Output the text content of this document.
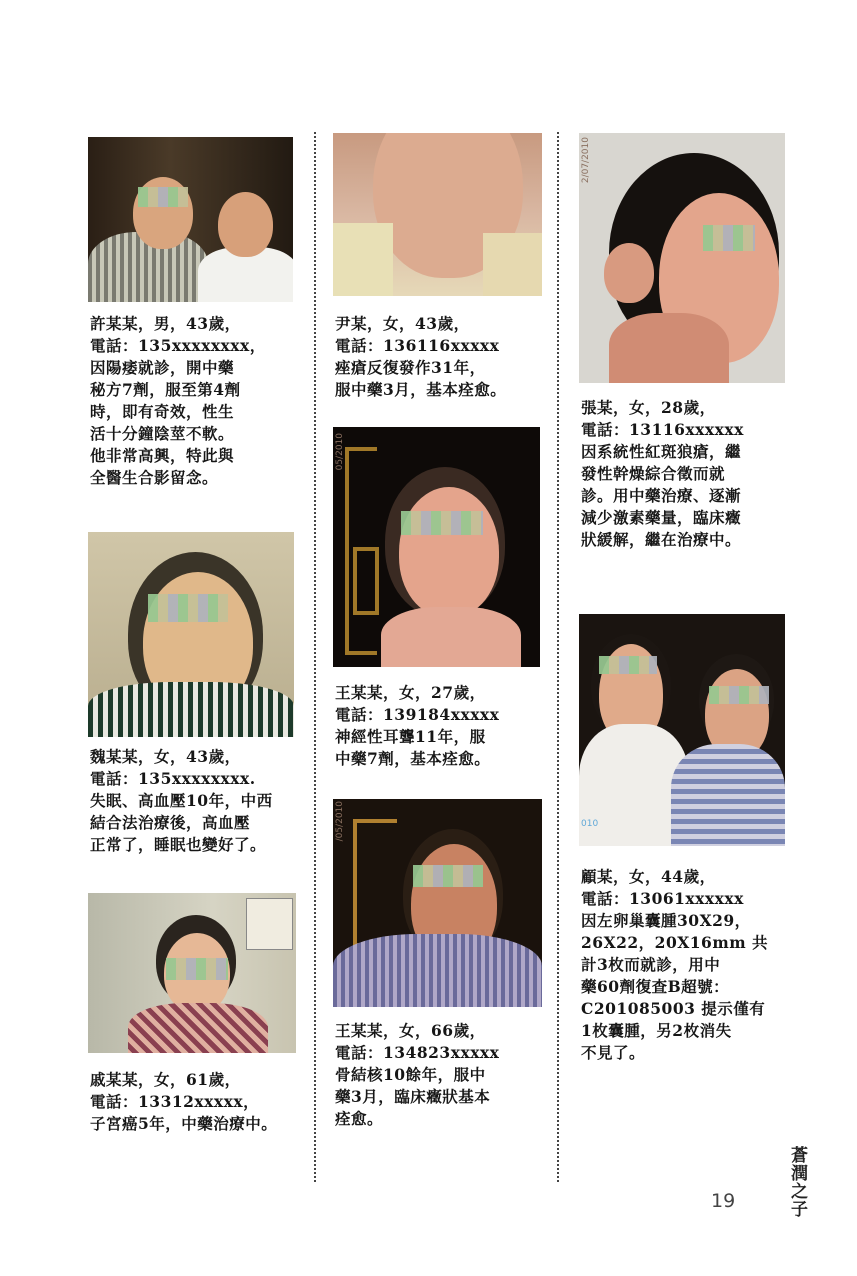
許某某，男，43歲，
電話：135xxxxxxxx，
因陽痿就診，開中藥
秘方7劑，服至第4劑
時，即有奇效，性生
活十分鐘陰莖不軟。
他非常高興，特此與
全醫生合影留念。
魏某某，女，43歲，
電話：135xxxxxxxx.
失眠、高血壓10年，中西
結合法治療後，高血壓
正常了，睡眠也變好了。
戚某某，女，61歲，
電話：13312xxxxx，
子宮癌5年，中藥治療中。
尹某，女，43歲，
電話：136116xxxxx
痤瘡反復發作31年，
服中藥3月，基本痊愈。
05/2010
王某某，女，27歲，
電話：139184xxxxx
神經性耳聾11年，服
中藥7劑，基本痊愈。
/05/2010
王某某，女，66歲，
電話：134823xxxxx
骨結核10餘年，服中
藥3月，臨床癥狀基本
痊愈。
2/07/2010
張某，女，28歲，
電話：13116xxxxxx
因系統性紅斑狼瘡，繼
發性幹燥綜合徵而就
診。用中藥治療、逐漸
減少激素藥量，臨床癥
狀緩解，繼在治療中。
010
顧某，女，44歲，
電話：13061xxxxxx
因左卵巢囊腫30X29，
26X22，20X16mm 共
計3枚而就診，用中
藥60劑復查B超號：
C201085003 提示僅有
1枚囊腫，另2枚消失
不見了。
19	蒼潤之子
